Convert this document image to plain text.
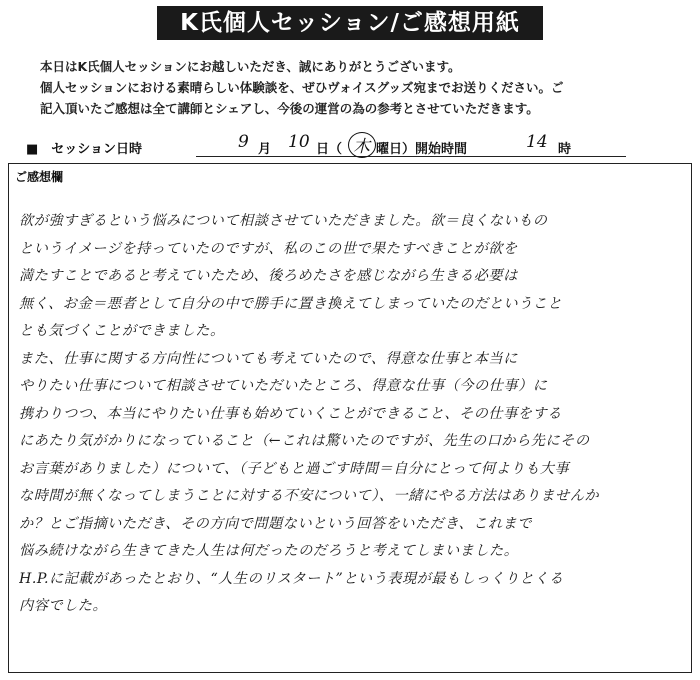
K氏個人セッション/ご感想用紙
本日はK氏個人セッションにお越しいただき、誠にありがとうございます。
個人セッションにおける素晴らしい体験談を、ぜひヴォイスグッズ宛までお送りください。ご
記入頂いたご感想は全て講師とシェアし、今後の運営の為の参考とさせていただきます。
■　セッション日時	9 月 10 日（ 木 曜日）開始時間	14 時
ご感想欄
欲が強すぎるという悩みについて相談させていただきました。欲＝良くないもの
というイメージを持っていたのですが、私のこの世で果たすべきことが欲を
満たすことであると考えていたため、後ろめたさを感じながら生きる必要は
無く、お金＝悪者として自分の中で勝手に置き換えてしまっていたのだということ
とも気づくことができました。
また、仕事に関する方向性についても考えていたので、得意な仕事と本当に
やりたい仕事について相談させていただいたところ、得意な仕事（今の仕事）に
携わりつつ、本当にやりたい仕事も始めていくことができること、その仕事をする
にあたり気がかりになっていること（←これは驚いたのですが、先生の口から先にその
お言葉がありました）について、（子どもと過ごす時間＝自分にとって何よりも大事
な時間が無くなってしまうことに対する不安について）、一緒にやる方法はありませんか
か？とご指摘いただき、その方向で問題ないという回答をいただき、これまで
悩み続けながら生きてきた人生は何だったのだろうと考えてしまいました。
H.P.に記載があったとおり、“人生のリスタート”という表現が最もしっくりとくる
内容でした。
